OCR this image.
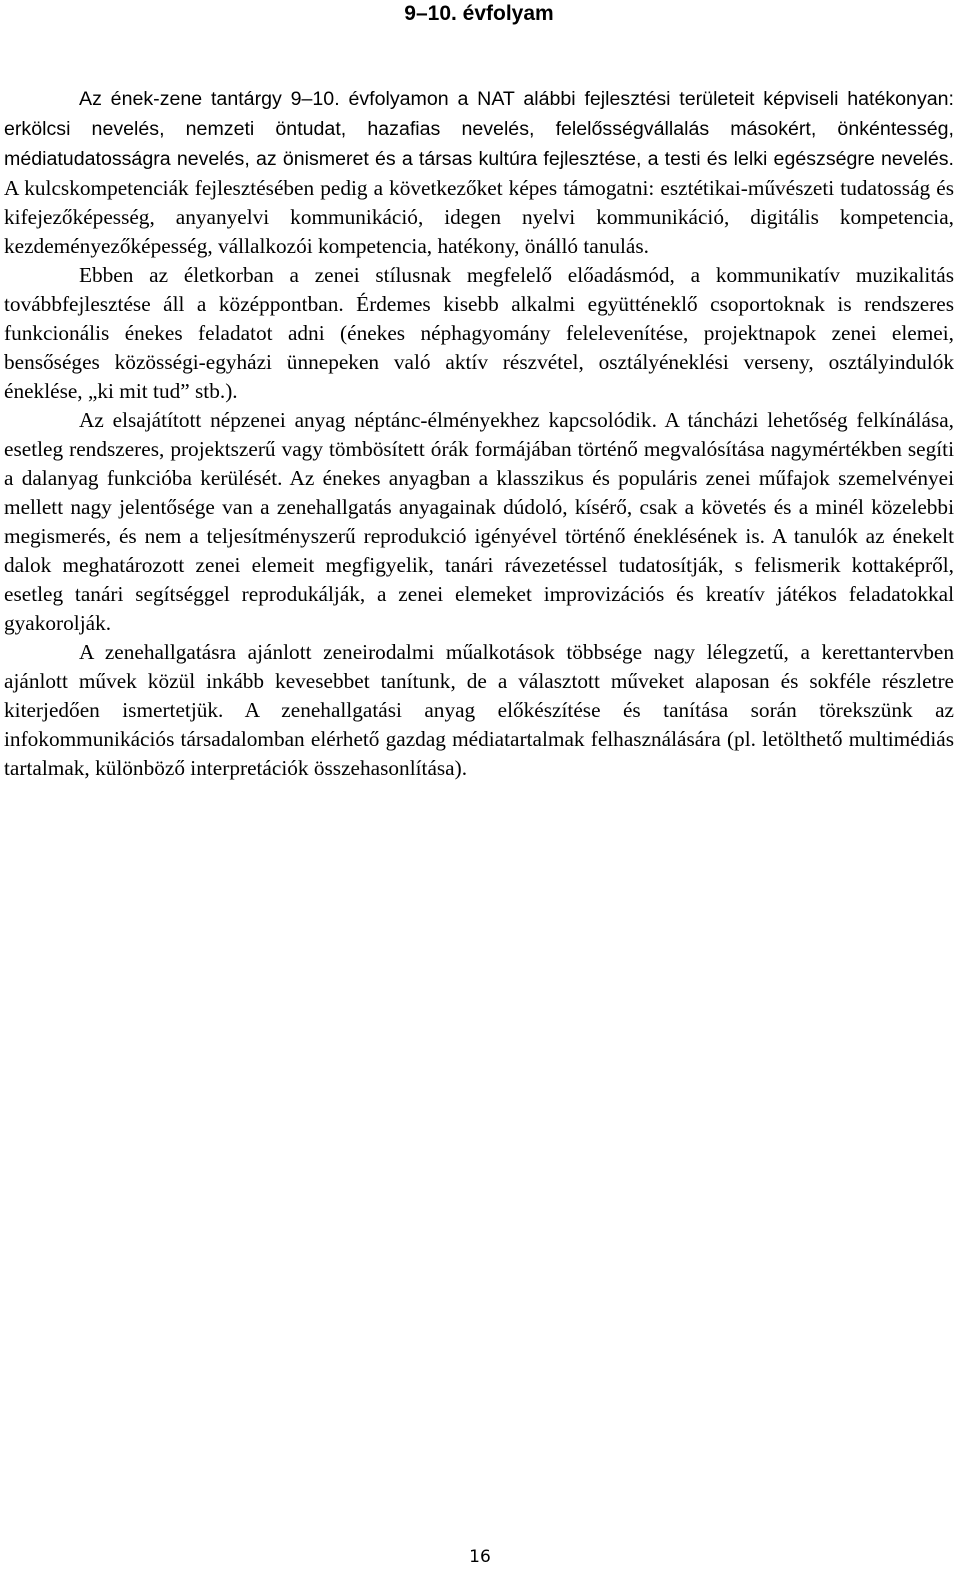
9–10. évfolyam

Az ének-zene tantárgy 9–10. évfolyamon a NAT alábbi fejlesztési területeit képviseli hatékonyan: erkölcsi nevelés, nemzeti öntudat, hazafias nevelés, felelősségvállalás másokért, önkéntesség, médiatudatosságra nevelés, az önismeret és a társas kultúra fejlesztése, a testi és lelki egészségre nevelés. A kulcskompetenciák fejlesztésében pedig a következőket képes támogatni: esztétikai-művészeti tudatosság és kifejezőképesség, anyanyelvi kommunikáció, idegen nyelvi kommunikáció, digitális kompetencia, kezdeményezőképesség, vállalkozói kompetencia, hatékony, önálló tanulás.

Ebben az életkorban a zenei stílusnak megfelelő előadásmód, a kommunikatív muzikalitás továbbfejlesztése áll a középpontban. Érdemes kisebb alkalmi együtténeklő csoportoknak is rendszeres funkcionális énekes feladatot adni (énekes néphagyomány felelevenítése, projektnapok zenei elemei, bensőséges közösségi-egyházi ünnepeken való aktív részvétel, osztályéneklési verseny, osztályindulók éneklése, „ki mit tud” stb.).

Az elsajátított népzenei anyag néptánc-élményekhez kapcsolódik. A táncházi lehetőség felkínálása, esetleg rendszeres, projektszerű vagy tömbösített órák formájában történő megvalósítása nagymértékben segíti a dalanyag funkcióba kerülését. Az énekes anyagban a klasszikus és populáris zenei műfajok szemelvényei mellett nagy jelentősége van a zenehallgatás anyagainak dúdoló, kísérő, csak a követés és a minél közelebbi megismerés, és nem a teljesítményszerű reprodukció igényével történő éneklésének is. A tanulók az énekelt dalok meghatározott zenei elemeit megfigyelik, tanári rávezetéssel tudatosítják, s felismerik kottaképről, esetleg tanári segítséggel reprodukálják, a zenei elemeket improvizációs és kreatív játékos feladatokkal gyakorolják.

A zenehallgatásra ajánlott zeneirodalmi műalkotások többsége nagy lélegzetű, a kerettantervben ajánlott művek közül inkább kevesebbet tanítunk, de a választott műveket alaposan és sokféle részletre kiterjedően ismertetjük. A zenehallgatási anyag előkészítése és tanítása során törekszünk az infokommunikációs társadalomban elérhető gazdag médiatartalmak felhasználására (pl. letölthető multimédiás tartalmak, különböző interpretációk összehasonlítása).

16
